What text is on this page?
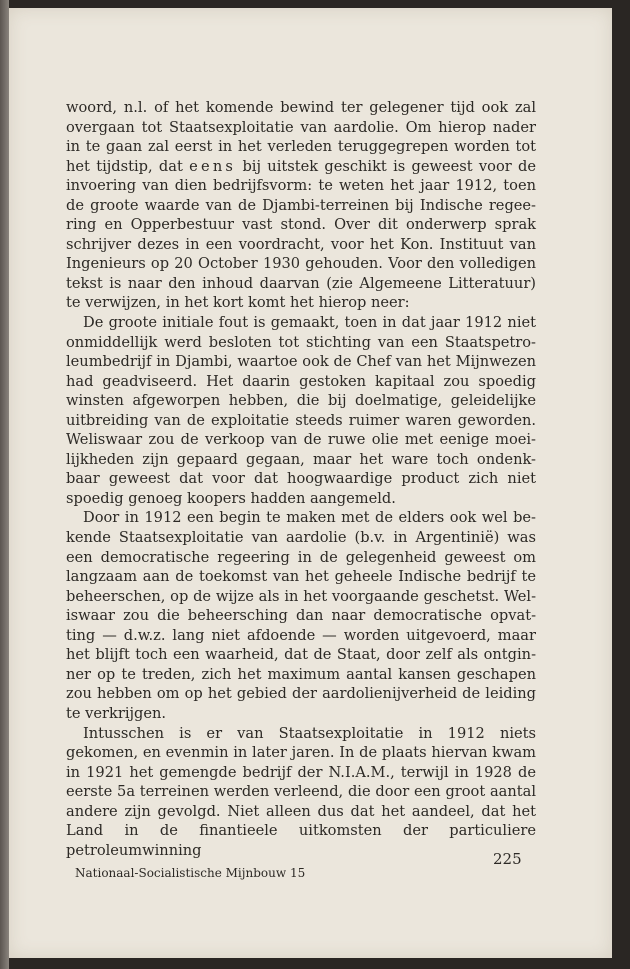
woord, n.l. of het komende bewind ter gelegener tijd ook zal overgaan tot Staatsexploitatie van aardolie. Om hierop nader in te gaan zal eerst in het verleden teruggegrepen worden tot het tijdstip, dat eens bij uitstek geschikt is geweest voor de invoering van dien bedrijfsvorm: te weten het jaar 1912, toen de groote waarde van de Djambi-terreinen bij Indische regee-ring en Opperbestuur vast stond. Over dit onderwerp sprak schrijver dezes in een voordracht, voor het Kon. Instituut van Ingenieurs op 20 October 1930 gehouden. Voor den volledigen tekst is naar den inhoud daarvan (zie Algemeene Litteratuur) te verwijzen, in het kort komt het hierop neer:

De groote initiale fout is gemaakt, toen in dat jaar 1912 niet onmiddellijk werd besloten tot stichting van een Staatspetro-leumbedrijf in Djambi, waartoe ook de Chef van het Mijnwezen had geadviseerd. Het daarin gestoken kapitaal zou spoedig winsten afgeworpen hebben, die bij doelmatige, geleidelijke uitbreiding van de exploitatie steeds ruimer waren geworden. Weliswaar zou de verkoop van de ruwe olie met eenige moei-lijkheden zijn gepaard gegaan, maar het ware toch ondenk-baar geweest dat voor dat hoogwaardige product zich niet spoedig genoeg koopers hadden aangemeld.

Door in 1912 een begin te maken met de elders ook wel be-kende Staatsexploitatie van aardolie (b.v. in Argentinië) was een democratische regeering in de gelegenheid geweest om langzaam aan de toekomst van het geheele Indische bedrijf te beheerschen, op de wijze als in het voorgaande geschetst. Wel-iswaar zou die beheersching dan naar democratische opvat-ting — d.w.z. lang niet afdoende — worden uitgevoerd, maar het blijft toch een waarheid, dat de Staat, door zelf als ontgin-ner op te treden, zich het maximum aantal kansen geschapen zou hebben om op het gebied der aardolienijverheid de leiding te verkrijgen.

Intusschen is er van Staatsexploitatie in 1912 niets gekomen, en evenmin in later jaren. In de plaats hiervan kwam in 1921 het gemengde bedrijf der N.I.A.M., terwijl in 1928 de eerste 5a terreinen werden verleend, die door een groot aantal andere zijn gevolgd. Niet alleen dus dat het aandeel, dat het Land in de finantieele uitkomsten der particuliere petroleumwinning	225
Nationaal-Socialistische Mijnbouw 15
